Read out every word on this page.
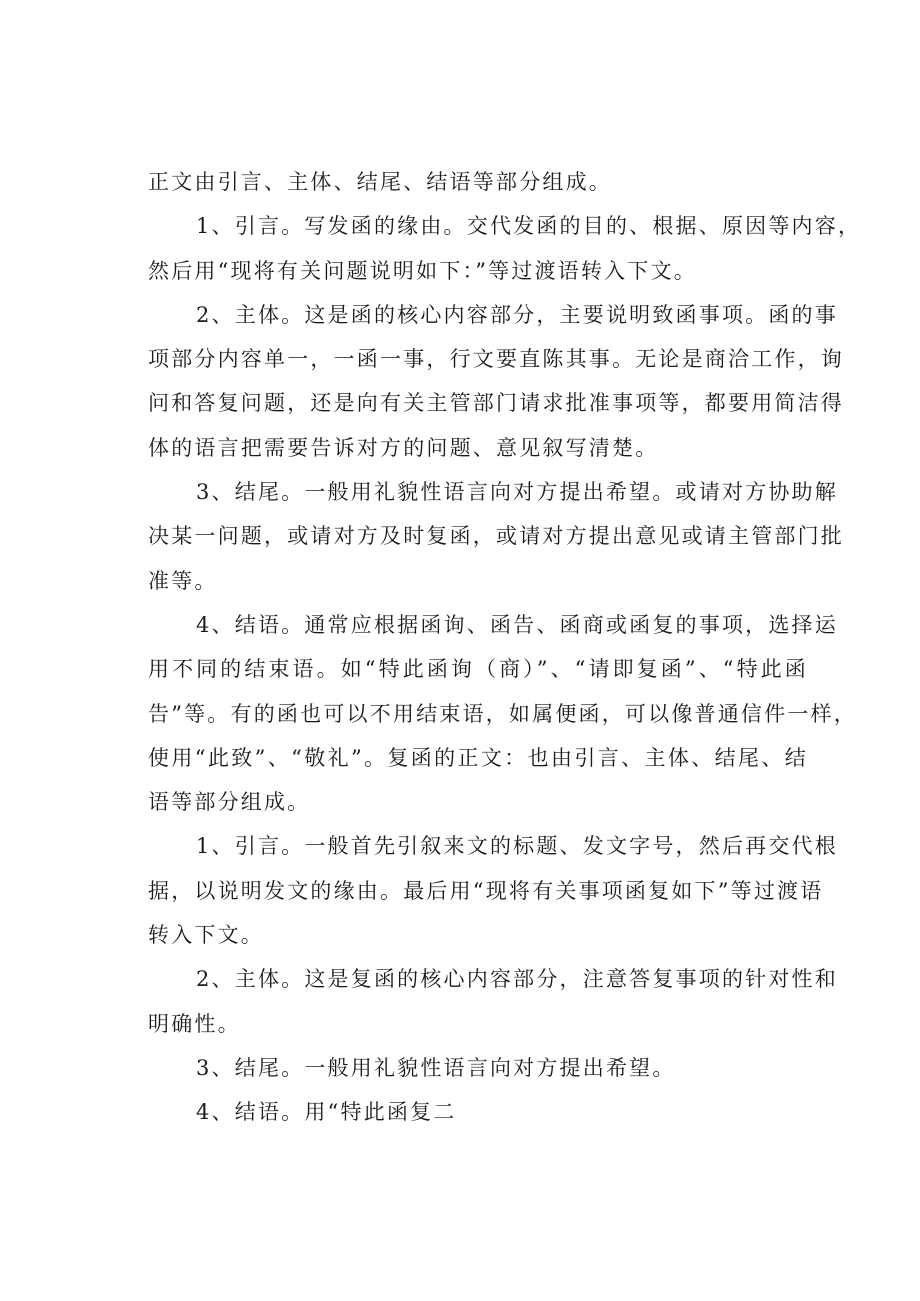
正文由引言、主体、结尾、结语等部分组成。
1、引言。写发函的缘由。交代发函的目的、根据、原因等内容，
然后用“现将有关问题说明如下：”等过渡语转入下文。
2、主体。这是函的核心内容部分，主要说明致函事项。函的事
项部分内容单一，一函一事，行文要直陈其事。无论是商洽工作，询
问和答复问题，还是向有关主管部门请求批准事项等，都要用简洁得
体的语言把需要告诉对方的问题、意见叙写清楚。
3、结尾。一般用礼貌性语言向对方提出希望。或请对方协助解
决某一问题，或请对方及时复函，或请对方提出意见或请主管部门批
准等。
4、结语。通常应根据函询、函告、函商或函复的事项，选择运
用不同的结束语。如“特此函询（商）”、“请即复函”、“特此函
告”等。有的函也可以不用结束语，如属便函，可以像普通信件一样，
使用“此致”、“敬礼”。复函的正文：也由引言、主体、结尾、结
语等部分组成。
1、引言。一般首先引叙来文的标题、发文字号，然后再交代根
据，以说明发文的缘由。最后用“现将有关事项函复如下”等过渡语
转入下文。
2、主体。这是复函的核心内容部分，注意答复事项的针对性和
明确性。
3、结尾。一般用礼貌性语言向对方提出希望。
4、结语。用“特此函复二
